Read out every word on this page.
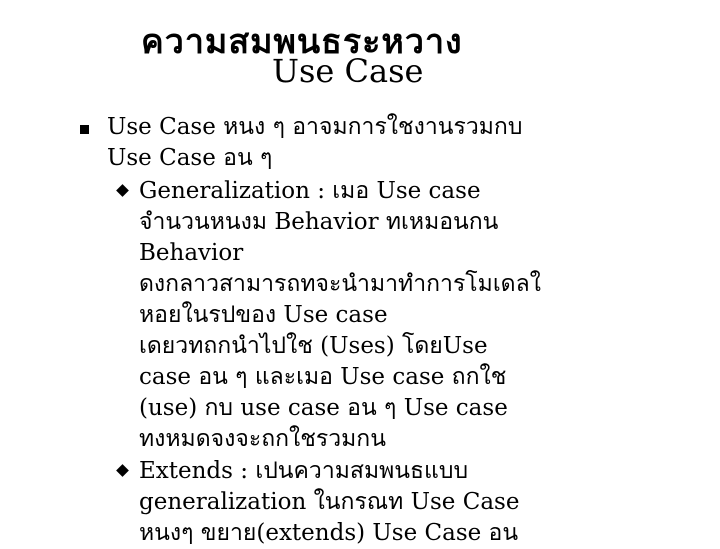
ความสมพนธระหวาง
Use Case
Use Case หนง ๆ อาจมการใชงานรวมกบ
Use Case อน ๆ
Generalization : เมอ Use case
จำนวนหนงม Behavior ทเหมอนกน
Behavior
ดงกลาวสามารถทจะนำมาทำการโมเดลใ
หอยในรปของ Use case
เดยวทถกนำไปใช (Uses) โดยUse
case อน ๆ และเมอ Use case ถกใช
(use) กบ use case อน ๆ Use case
ทงหมดจงจะถกใชรวมกน
Extends : เปนความสมพนธแบบ
generalization ในกรณท Use Case
หนงๆ ขยาย(extends) Use Case อน
